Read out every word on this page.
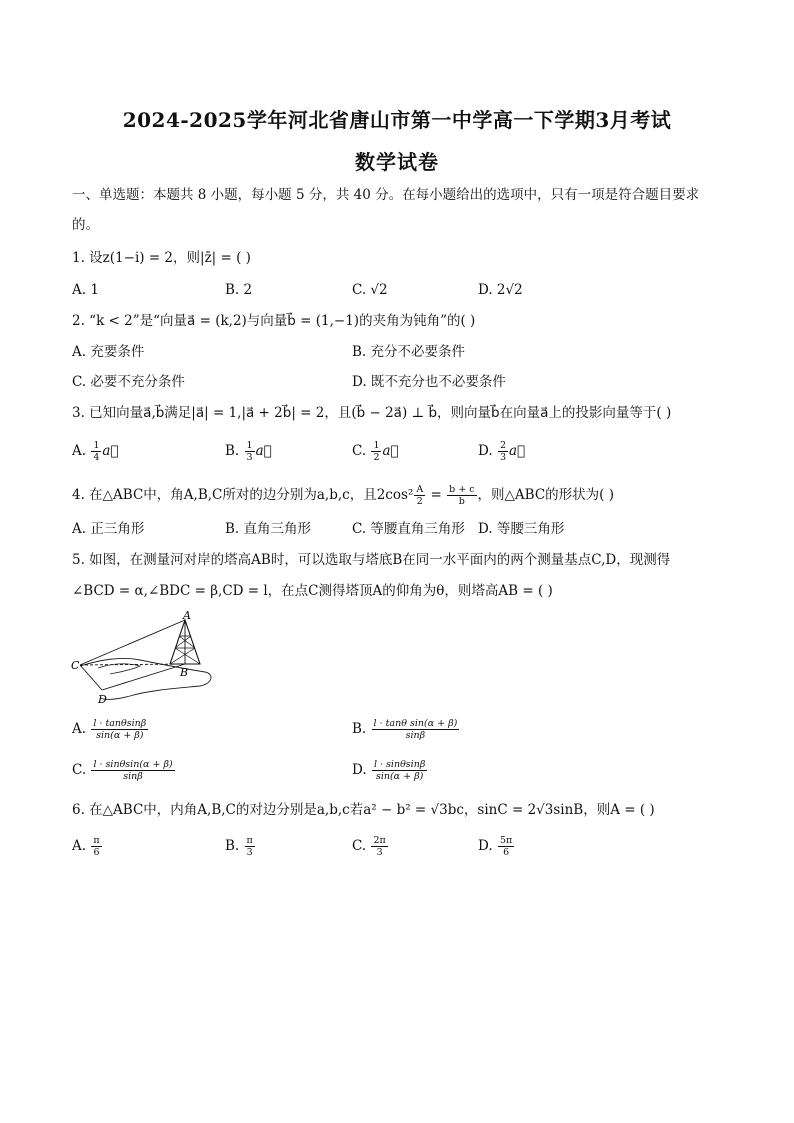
2024-2025学年河北省唐山市第一中学高一下学期3月考试
数学试卷
一、单选题：本题共 8 小题，每小题 5 分，共 40 分。在每小题给出的选项中，只有一项是符合题目要求
的。
1. 设z(1−i) = 2，则|z̄| = ( )
A. 1	B. 2	C. √2	D. 2√2
2. “k < 2”是“向量a⃗ = (k,2)与向量b⃗ = (1,−1)的夹角为钝角”的( )
A. 充要条件	B. 充分不必要条件
C. 必要不充分条件	D. 既不充分也不必要条件
3. 已知向量a⃗,b⃗满足|a⃗| = 1,|a⃗ + 2b⃗| = 2，且(b⃗ − 2a⃗) ⊥ b⃗，则向量b⃗在向量a⃗上的投影向量等于( )
A. $\frac{1}{4}$ a⃗	B. $\frac{1}{3}$ a⃗	C. $\frac{1}{2}$ a⃗	D. $\frac{2}{3}$ a⃗
4. 在△ABC中，角A,B,C所对的边分别为a,b,c，且$2\cos^2 \frac{A}{2} = \frac{b + c}{b}$ ，则△ABC的形状为( )
A. 正三角形	B. 直角三角形	C. 等腰直角三角形 D. 等腰三角形
5. 如图，在测量河对岸的塔高AB时，可以选取与塔底B在同一水平面内的两个测量基点C,D，现测得
∠BCD = α,∠BDC = β,CD = l，在点C测得塔顶A的仰角为θ，则塔高AB = ( )
A
B
C
D
A. $\frac{l \cdot \tan\theta\sin\beta}{\sin(\alpha + \beta)}$	B. $\frac{\text{l · tanθ sin(α + β)}}{\sin\beta}$
C. $\frac{l \cdot \sin\theta\sin(\alpha + \beta)}{\sin\beta}$	D. $\frac{l \cdot \sin\theta\sin\beta}{\sin(\alpha + \beta)}$
6. 在△ABC中，内角A,B,C的对边分别是a,b,c若a² − b² = √3bc，sinC = 2√3sinB，则A = ( )
A. $\frac{\pi}{6}$	B. $\frac{\pi}{3}$	C. $\frac{2\pi}{3}$	D. $\frac{5\pi}{6}$
